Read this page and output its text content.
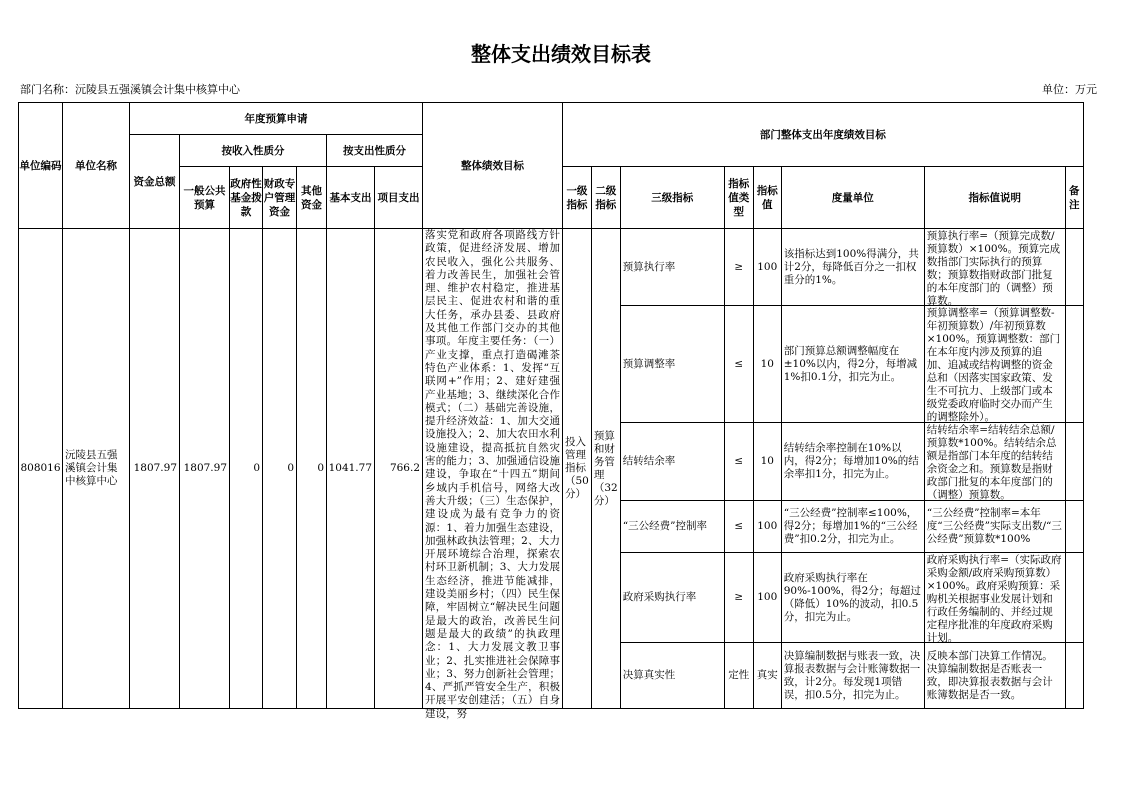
整体支出绩效目标表
部门名称：沅陵县五强溪镇会计集中核算中心	单位：万元
单位编码	单位名称	年度预算申请							整体绩效目标	部门整体支出年度绩效目标							
		资金总额	按收入性质分				按支出性质分										
			一般公共预算	政府性基金拨款	财政专户管理资金	其他资金	基本支出	项目支出		一级指标	二级指标	三级指标	指标值类型	指标值	度量单位	指标值说明	备注

808016	沅陵县五强溪镇会计集中核算中心	1807.97	1807.97	0	0	0	1041.77	766.2	落实党和政府各项路线方针政策，促进经济发展、增加农民收入，强化公共服务、着力改善民生，加强社会管理、维护农村稳定，推进基层民主、促进农村和谐的重大任务，承办县委、县政府及其他工作部门交办的其他事项。年度主要任务：（一）产业支撑，重点打造碣滩茶特色产业体系：1、发挥“互联网+”作用；2、建好建强产业基地；3、继续深化合作模式；（二）基础完善设施，提升经济效益：1、加大交通设施投入；2、加大农田水利设施建设，提高抵抗自然灾害的能力；3、加强通信设施建设，争取在“十四五”期间乡域内手机信号，网络大改善大升级；（三）生态保护，建设成为最有竞争力的资源：1、着力加强生态建设，加强林政执法管理；2、大力开展环境综合治理，探索农村环卫新机制；3、大力发展生态经济，推进节能减排，建设美丽乡村；（四）民生保障，牢固树立“解决民生问题是最大的政治，改善民生问题是最大的政绩”的执政理念：1、大力发展文教卫事业；2、扎实推进社会保障事业；3、努力创新社会管理；4、严抓严管安全生产，积极开展平安创建活；（五）自身建设，努	投入管理指标（50分）	预算和财务管理（32分）	预算执行率	≥	100	该指标达到100%得满分，共计2分，每降低百分之一扣权重分的1%。	预算执行率=（预算完成数/预算数）×100%。预算完成数指部门实际执行的预算数；预算数指财政部门批复的本年度部门的（调整）预算数。	

												预算调整率	≤	10	部门预算总额调整幅度在±10%以内，得2分，每增减1%扣0.1分，扣完为止。	预算调整率=（预算调整数-年初预算数）/年初预算数×100%。预算调整数：部门在本年度内涉及预算的追加、追减或结构调整的资金总和（因落实国家政策、发生不可抗力、上级部门或本级党委政府临时交办而产生的调整除外）。	

												结转结余率	≤	10	结转结余率控制在10%以内，得2分；每增加10%的结余率扣1分，扣完为止。	结转结余率=结转结余总额/预算数*100%。结转结余总额是指部门本年度的结转结余资金之和。预算数是指财政部门批复的本年度部门的（调整）预算数。	

												“三公经费”控制率	≤	100	“三公经费”控制率≤100%，得2分；每增加1%的“三公经费”扣0.2分，扣完为止。	“三公经费”控制率=本年度“三公经费”实际支出数/“三公经费”预算数*100%	

												政府采购执行率	≥	100	政府采购执行率在90%-100%，得2分；每超过（降低）10%的波动，扣0.5分，扣完为止。	政府采购执行率=（实际政府采购金额/政府采购预算数）×100%。政府采购预算：采购机关根据事业发展计划和行政任务编制的、并经过规定程序批准的年度政府采购计划。	

												决算真实性	定性	真实	决算编制数据与账表一致，决算报表数据与会计账簿数据一致，计2分。每发现1项错误，扣0.5分，扣完为止。	反映本部门决算工作情况。决算编制数据是否账表一致，即决算报表数据与会计账簿数据是否一致。	
